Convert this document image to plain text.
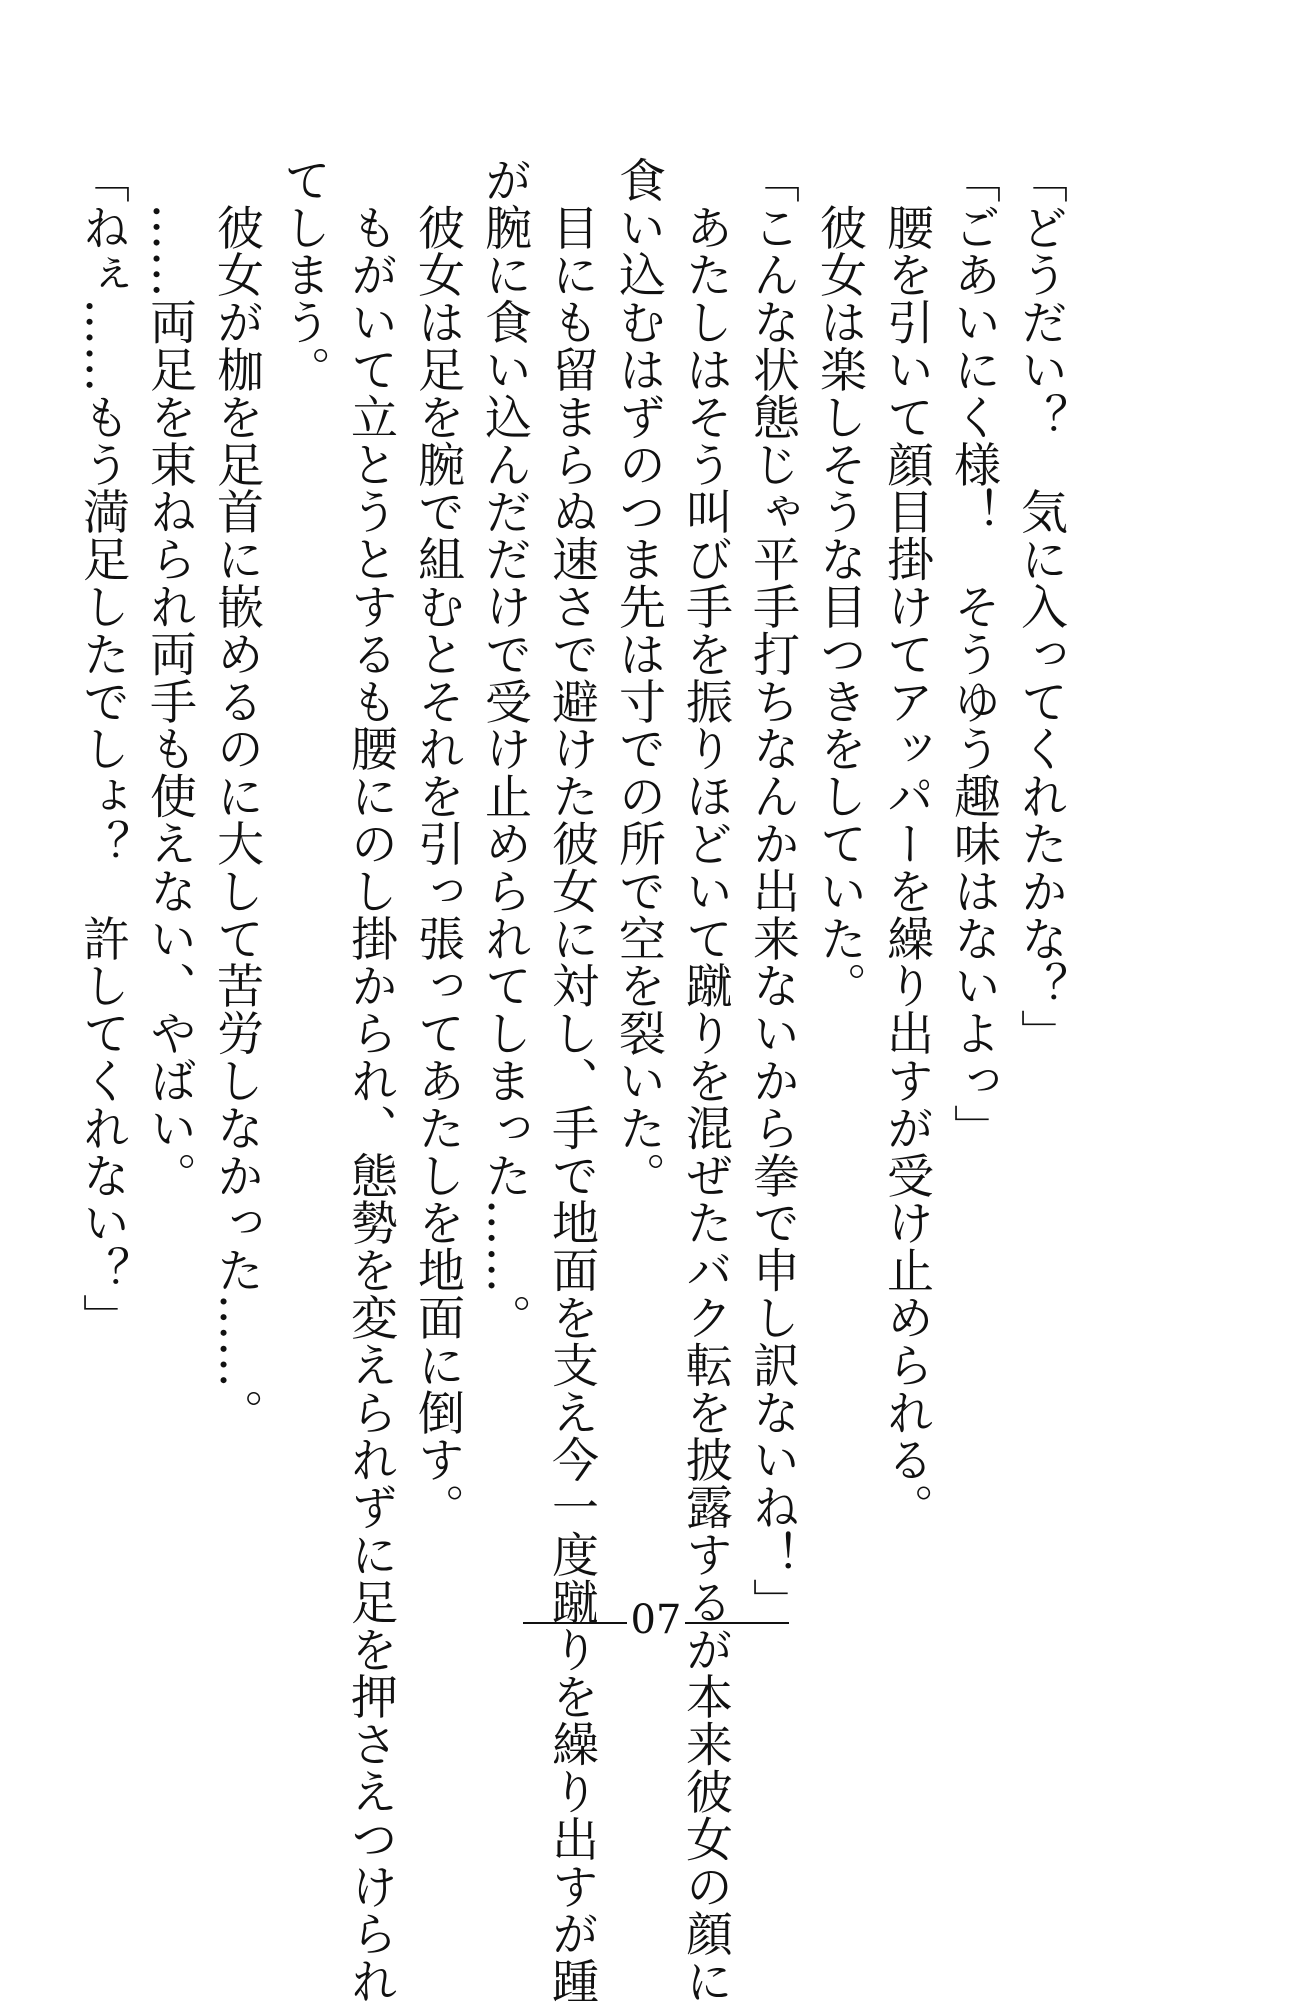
「どうだい？　気に入ってくれたかな？」
「ごあいにく様！　そうゆう趣味はないよっ」
　腰を引いて顔目掛けてアッパーを繰り出すが受け止められる。
　彼女は楽しそうな目つきをしていた。
「こんな状態じゃ平手打ちなんか出来ないから拳で申し訳ないね！」
　あたしはそう叫び手を振りほどいて蹴りを混ぜたバク転を披露するが本来彼女の顔に
食い込むはずのつま先は寸での所で空を裂いた。
　目にも留まらぬ速さで避けた彼女に対し、手で地面を支え今一度蹴りを繰り出すが踵
が腕に食い込んだだけで受け止められてしまった……。
　彼女は足を腕で組むとそれを引っ張ってあたしを地面に倒す。
　もがいて立とうとするも腰にのし掛かられ、態勢を変えられずに足を押さえつけられ
てしまう。
　彼女が枷を足首に嵌めるのに大して苦労しなかった……。
　……両足を束ねられ両手も使えない、やばい。
「ねぇ……もう満足したでしょ？　許してくれない？」
07
